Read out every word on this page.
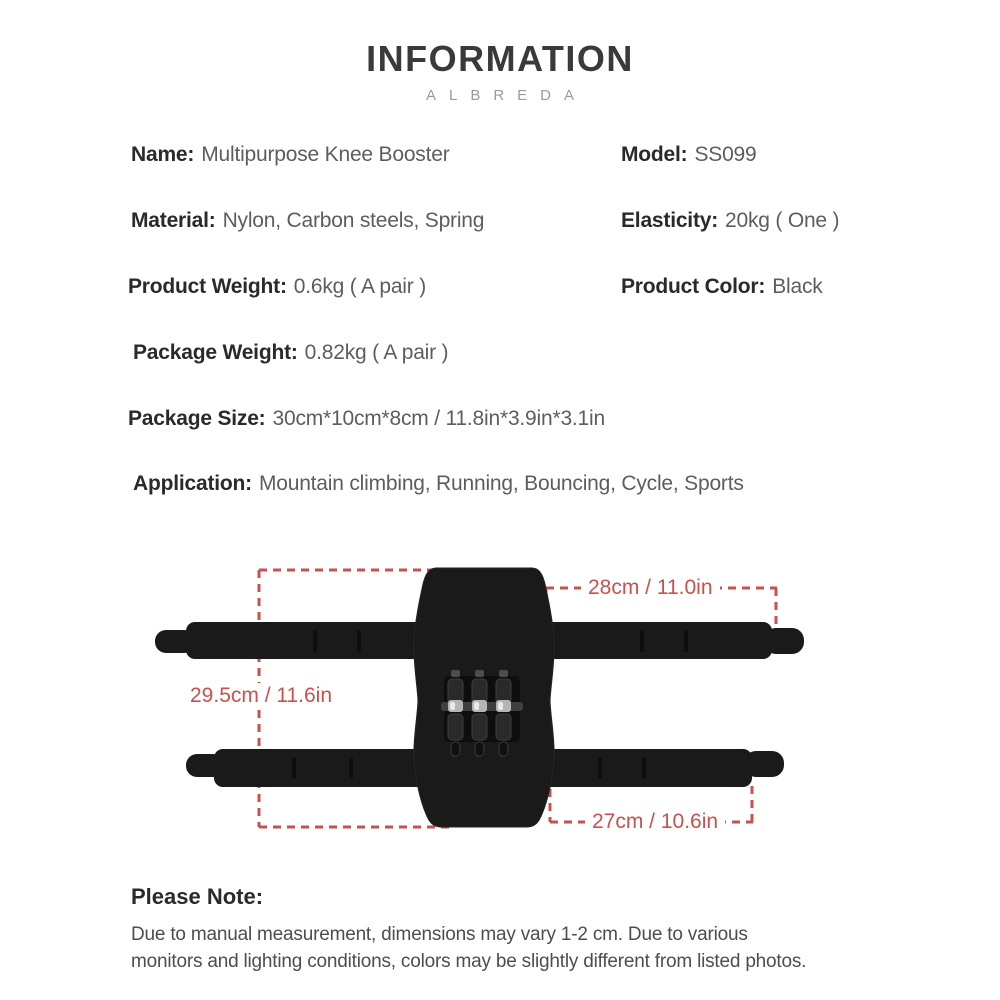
INFORMATION
ALBREDA
Name: Multipurpose Knee Booster
Material: Nylon, Carbon steels, Spring
Product Weight: 0.6kg ( A pair )
Package Weight: 0.82kg ( A pair )
Package Size: 30cm*10cm*8cm / 11.8in*3.9in*3.1in
Application: Mountain climbing, Running, Bouncing, Cycle, Sports
Model: SS099
Elasticity: 20kg ( One )
Product Color: Black
28cm / 11.0in
29.5cm / 11.6in
27cm / 10.6in
Please Note:
Due to manual measurement, dimensions may vary 1-2 cm. Due to various
monitors and lighting conditions, colors may be slightly different from listed photos.
